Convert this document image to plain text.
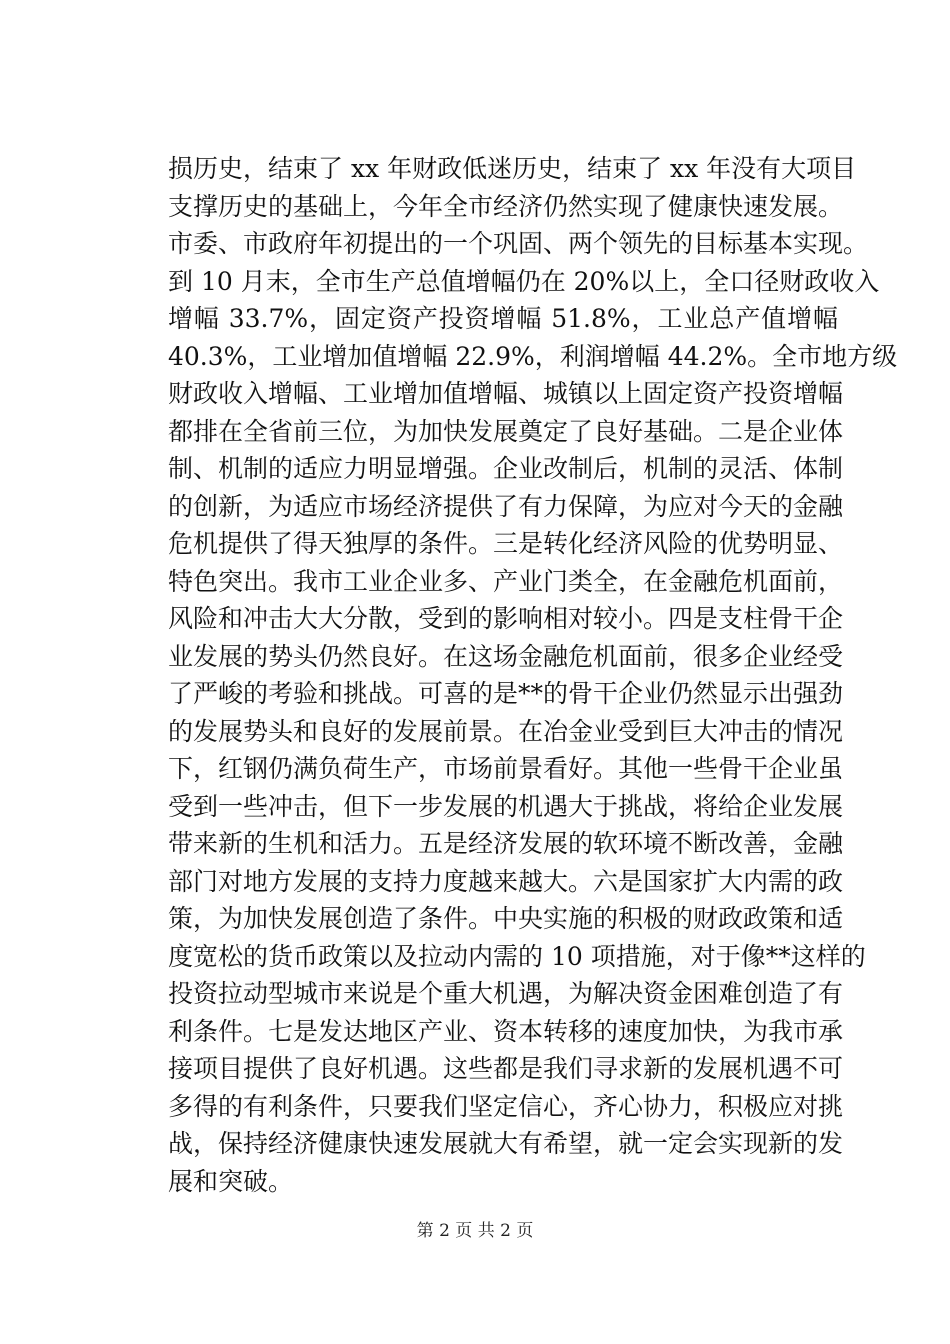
损历史，结束了 xx 年财政低迷历史，结束了 xx 年没有大项目
支撑历史的基础上，今年全市经济仍然实现了健康快速发展。
市委、市政府年初提出的一个巩固、两个领先的目标基本实现。
到 10 月末，全市生产总值增幅仍在 20%以上，全口径财政收入
增幅 33.7%，固定资产投资增幅 51.8%，工业总产值增幅
40.3%，工业增加值增幅 22.9%，利润增幅 44.2%。全市地方级
财政收入增幅、工业增加值增幅、城镇以上固定资产投资增幅
都排在全省前三位，为加快发展奠定了良好基础。二是企业体
制、机制的适应力明显增强。企业改制后，机制的灵活、体制
的创新，为适应市场经济提供了有力保障，为应对今天的金融
危机提供了得天独厚的条件。三是转化经济风险的优势明显、
特色突出。我市工业企业多、产业门类全，在金融危机面前，
风险和冲击大大分散，受到的影响相对较小。四是支柱骨干企
业发展的势头仍然良好。在这场金融危机面前，很多企业经受
了严峻的考验和挑战。可喜的是**的骨干企业仍然显示出强劲
的发展势头和良好的发展前景。在冶金业受到巨大冲击的情况
下，红钢仍满负荷生产，市场前景看好。其他一些骨干企业虽
受到一些冲击，但下一步发展的机遇大于挑战，将给企业发展
带来新的生机和活力。五是经济发展的软环境不断改善，金融
部门对地方发展的支持力度越来越大。六是国家扩大内需的政
策，为加快发展创造了条件。中央实施的积极的财政政策和适
度宽松的货币政策以及拉动内需的 10 项措施，对于像**这样的
投资拉动型城市来说是个重大机遇，为解决资金困难创造了有
利条件。七是发达地区产业、资本转移的速度加快，为我市承
接项目提供了良好机遇。这些都是我们寻求新的发展机遇不可
多得的有利条件，只要我们坚定信心，齐心协力，积极应对挑
战，保持经济健康快速发展就大有希望，就一定会实现新的发
展和突破。
第 2 页 共 2 页
